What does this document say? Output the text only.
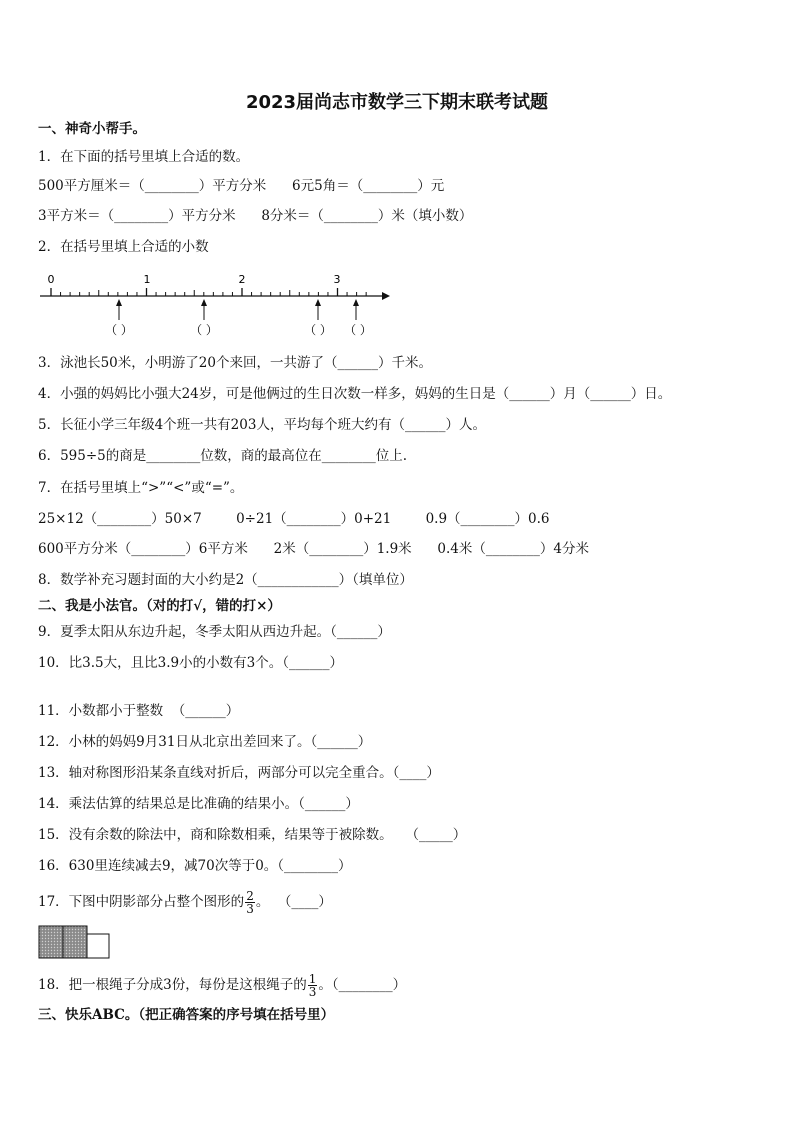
2023届尚志市数学三下期末联考试题
一、神奇小帮手。
1．在下面的括号里填上合适的数。
500平方厘米＝（________）平方分米      6元5角＝（________）元
3平方米＝（________）平方分米      8分米＝（________）米（填小数）
2．在括号里填上合适的小数
0	1	2	3
（ ）	（ ）	（ ） （ ）
3．泳池长50米，小明游了20个来回，一共游了（______）千米。
4．小强的妈妈比小强大24岁，可是他俩过的生日次数一样多，妈妈的生日是（______）月（______）日。
5．长征小学三年级4个班一共有203人，平均每个班大约有（______）人。
6．595÷5的商是________位数，商的最高位在________位上.
7．在括号里填上“>”“<”或“=”。
25×12（________）50×7        0÷21（________）0+21        0.9（________）0.6
600平方分米（________）6平方米      2米（________）1.9米      0.4米（________）4分米
8．数学补充习题封面的大小约是2（____________）（填单位）
二、我是小法官。（对的打√，错的打×）
9．夏季太阳从东边升起，冬季太阳从西边升起。（______）
10．比3.5大，且比3.9小的小数有3个。（______）
11．小数都小于整数  （______）
12．小林的妈妈9月31日从北京出差回来了。（______）
13．轴对称图形沿某条直线对折后，两部分可以完全重合。（____）
14．乘法估算的结果总是比准确的结果小。（______）
15．没有余数的除法中，商和除数相乘，结果等于被除数。   （_____）
16．630里连续减去9，减70次等于0。（________）
17．下图中阴影部分占整个图形的 $\frac{2}{3}$ 。  （____）
18．把一根绳子分成3份，每份是这根绳子的 $\frac{1}{3}$ 。（________）
三、快乐ABC。（把正确答案的序号填在括号里）
